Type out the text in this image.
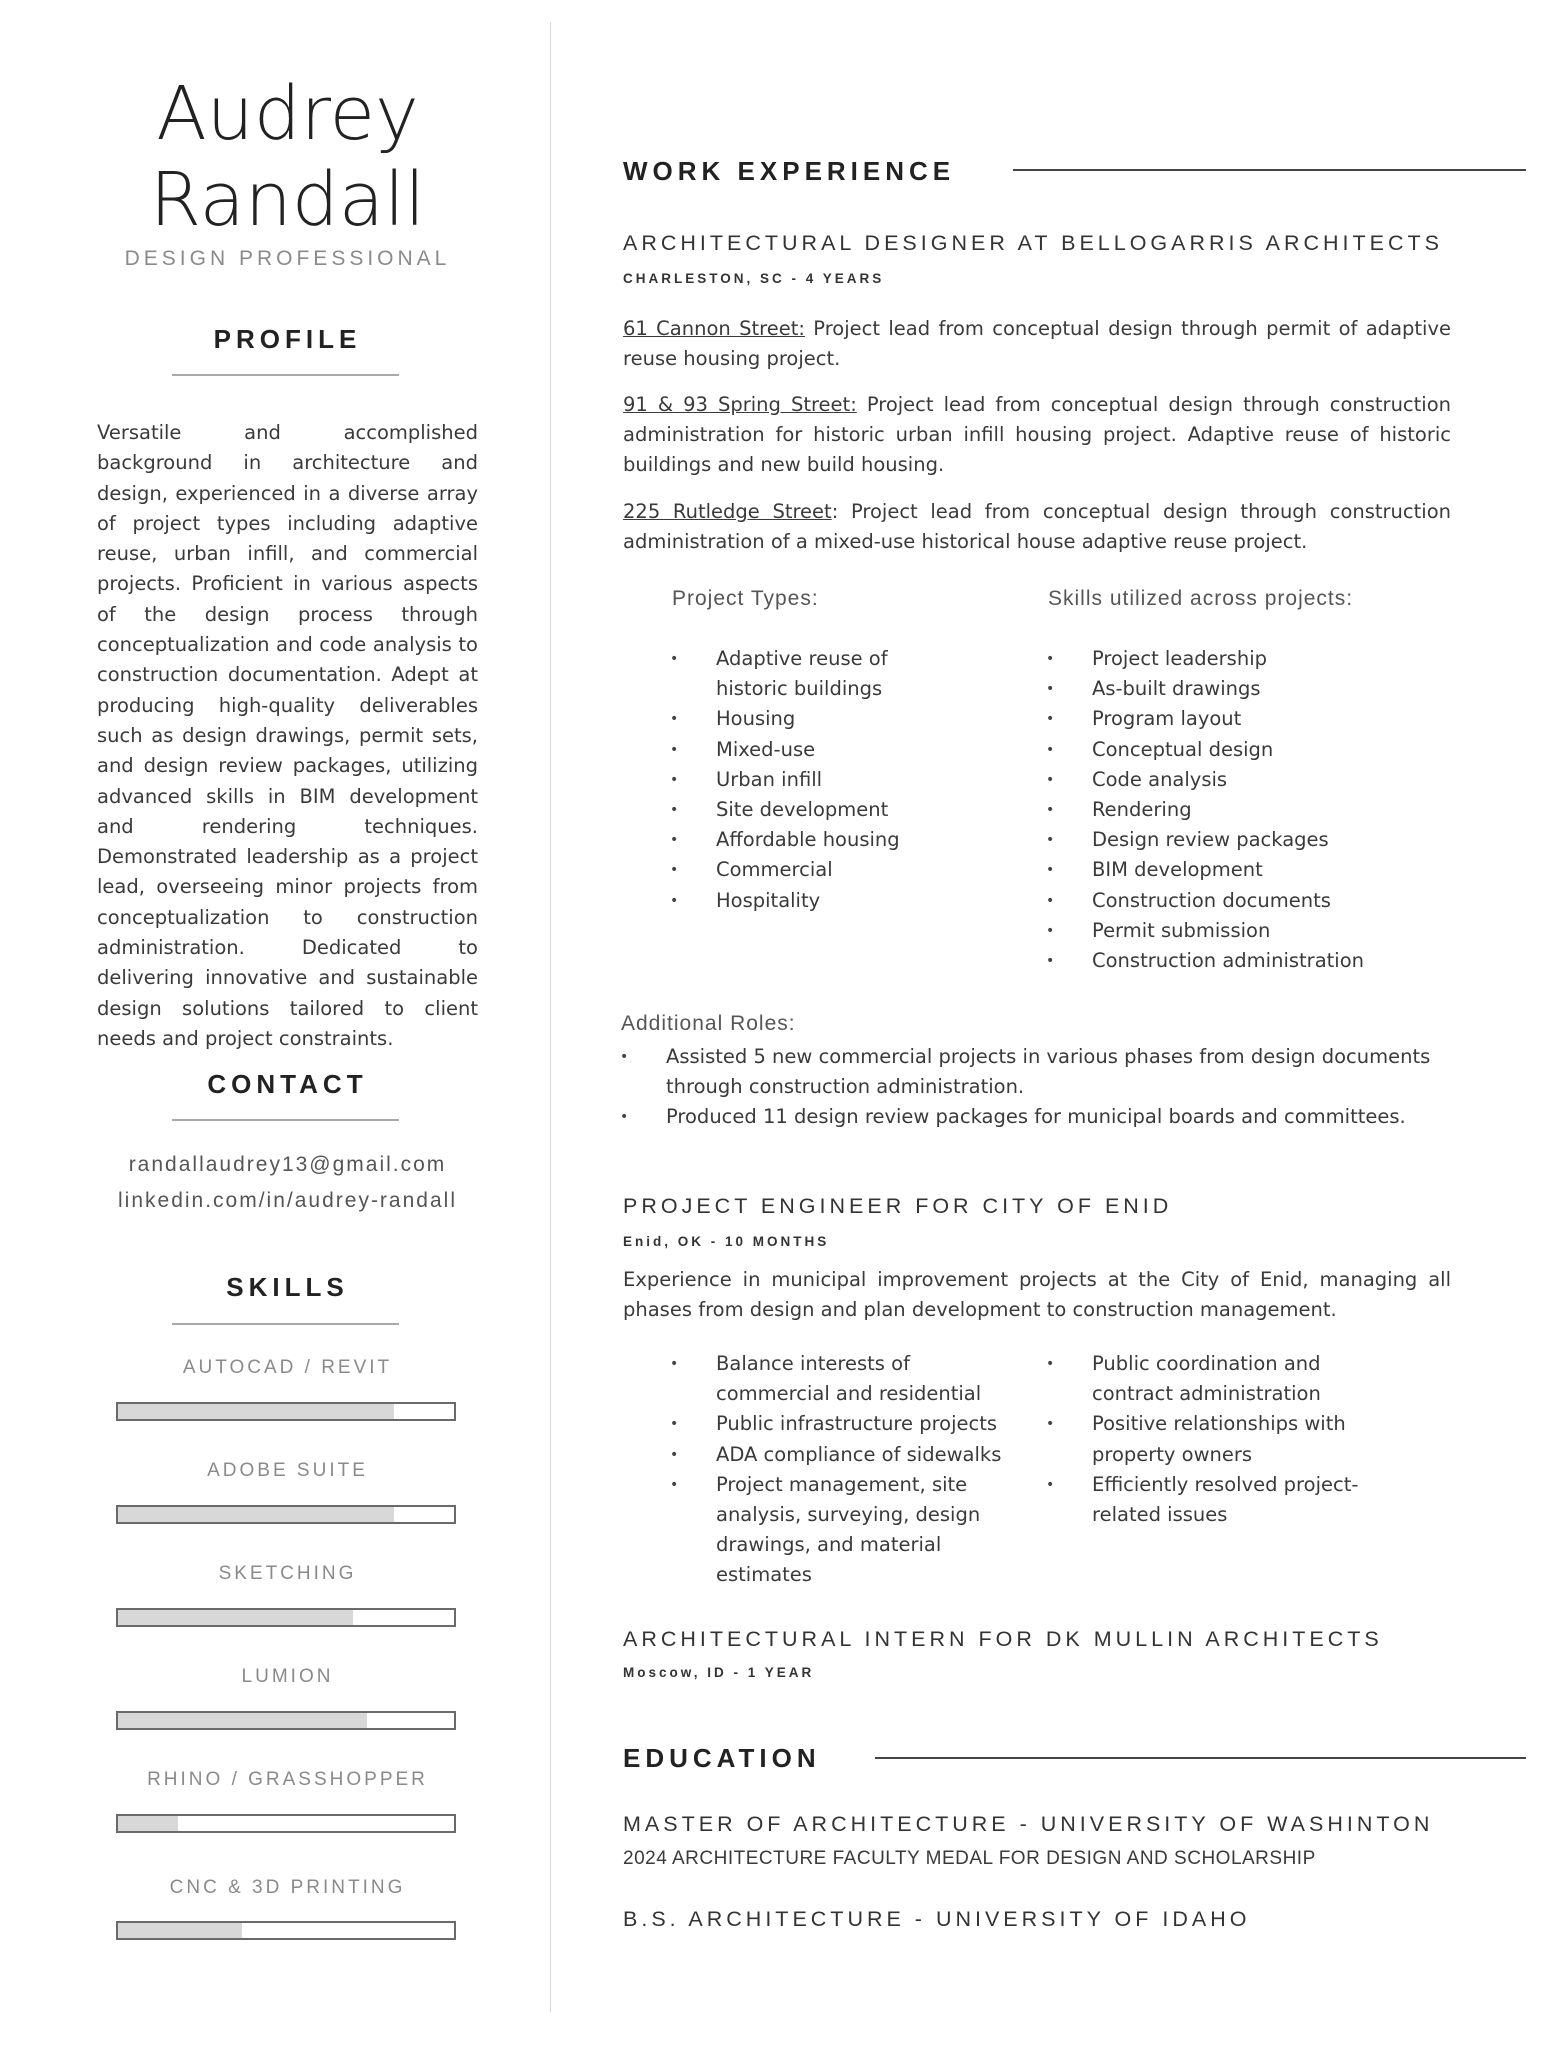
Audrey
Randall
DESIGN PROFESSIONAL
PROFILE
Versatile and accomplished background in architecture and design, experienced in a diverse array of project types including adaptive reuse, urban infill, and commercial projects. Proficient in various aspects of the design process through conceptualization and code analysis to construction documentation. Adept at producing high-quality deliverables such as design drawings, permit sets, and design review packages, utilizing advanced skills in BIM development and rendering techniques. Demonstrated leadership as a project lead, overseeing minor projects from conceptualization to construction administration. Dedicated to delivering innovative and sustainable design solutions tailored to client needs and project constraints.
CONTACT
randallaudrey13@gmail.com
linkedin.com/in/audrey-randall
SKILLS
AUTOCAD / REVIT
ADOBE SUITE
SKETCHING
LUMION
RHINO / GRASSHOPPER
CNC & 3D PRINTING
WORK EXPERIENCE
ARCHITECTURAL DESIGNER AT BELLOGARRIS ARCHITECTS
CHARLESTON, SC - 4 YEARS
61 Cannon Street: Project lead from conceptual design through permit of adaptive reuse housing project.
91 & 93 Spring Street: Project lead from conceptual design through construction administration for historic urban infill housing project. Adaptive reuse of historic buildings and new build housing.
225 Rutledge Street: Project lead from conceptual design through construction administration of a mixed-use historical house adaptive reuse project.
Project Types:	Skills utilized across projects:
• Adaptive reuse of historic buildings
• Housing
• Mixed-use
• Urban infill
• Site development
• Affordable housing
• Commercial
• Hospitality
• Project leadership
• As-built drawings
• Program layout
• Conceptual design
• Code analysis
• Rendering
• Design review packages
• BIM development
• Construction documents
• Permit submission
• Construction administration
Additional Roles:
• Assisted 5 new commercial projects in various phases from design documents through construction administration.
• Produced 11 design review packages for municipal boards and committees.
PROJECT ENGINEER FOR CITY OF ENID
Enid, OK - 10 MONTHS
Experience in municipal improvement projects at the City of Enid, managing all phases from design and plan development to construction management.
• Balance interests of commercial and residential
• Public infrastructure projects
• ADA compliance of sidewalks
• Project management, site analysis, surveying, design drawings, and material estimates
• Public coordination and contract administration
• Positive relationships with property owners
• Efficiently resolved project-related issues
ARCHITECTURAL INTERN FOR DK MULLIN ARCHITECTS
Moscow, ID - 1 YEAR
EDUCATION
MASTER OF ARCHITECTURE - UNIVERSITY OF WASHINTON
2024 ARCHITECTURE FACULTY MEDAL FOR DESIGN AND SCHOLARSHIP
B.S. ARCHITECTURE - UNIVERSITY OF IDAHO
